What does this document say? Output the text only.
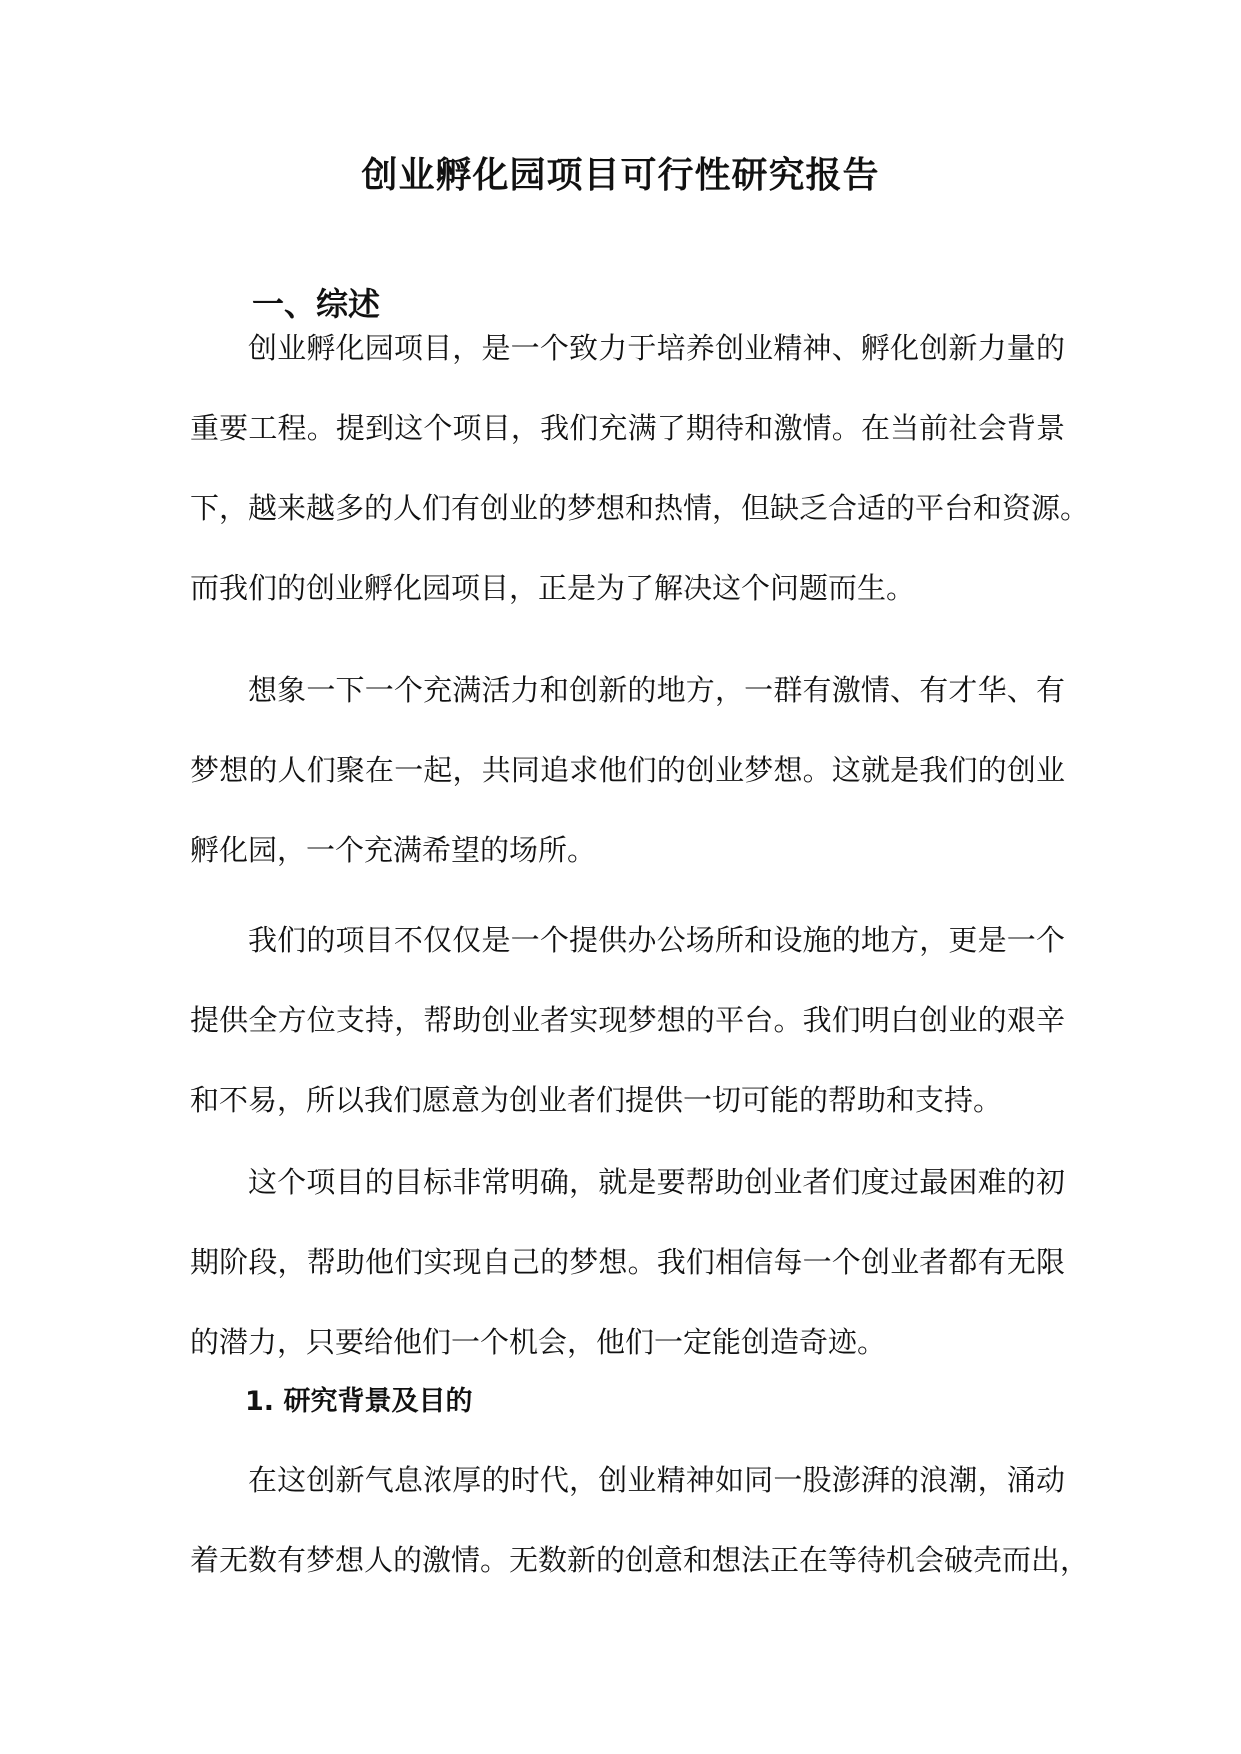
创业孵化园项目可行性研究报告
一、综述
创业孵化园项目，是一个致力于培养创业精神、孵化创新力量的
重要工程。提到这个项目，我们充满了期待和激情。在当前社会背景
下，越来越多的人们有创业的梦想和热情，但缺乏合适的平台和资源。
而我们的创业孵化园项目，正是为了解决这个问题而生。
想象一下一个充满活力和创新的地方，一群有激情、有才华、有
梦想的人们聚在一起，共同追求他们的创业梦想。这就是我们的创业
孵化园，一个充满希望的场所。
我们的项目不仅仅是一个提供办公场所和设施的地方，更是一个
提供全方位支持，帮助创业者实现梦想的平台。我们明白创业的艰辛
和不易，所以我们愿意为创业者们提供一切可能的帮助和支持。
这个项目的目标非常明确，就是要帮助创业者们度过最困难的初
期阶段，帮助他们实现自己的梦想。我们相信每一个创业者都有无限
的潜力，只要给他们一个机会，他们一定能创造奇迹。
1. 研究背景及目的
在这创新气息浓厚的时代，创业精神如同一股澎湃的浪潮，涌动
着无数有梦想人的激情。无数新的创意和想法正在等待机会破壳而出，
